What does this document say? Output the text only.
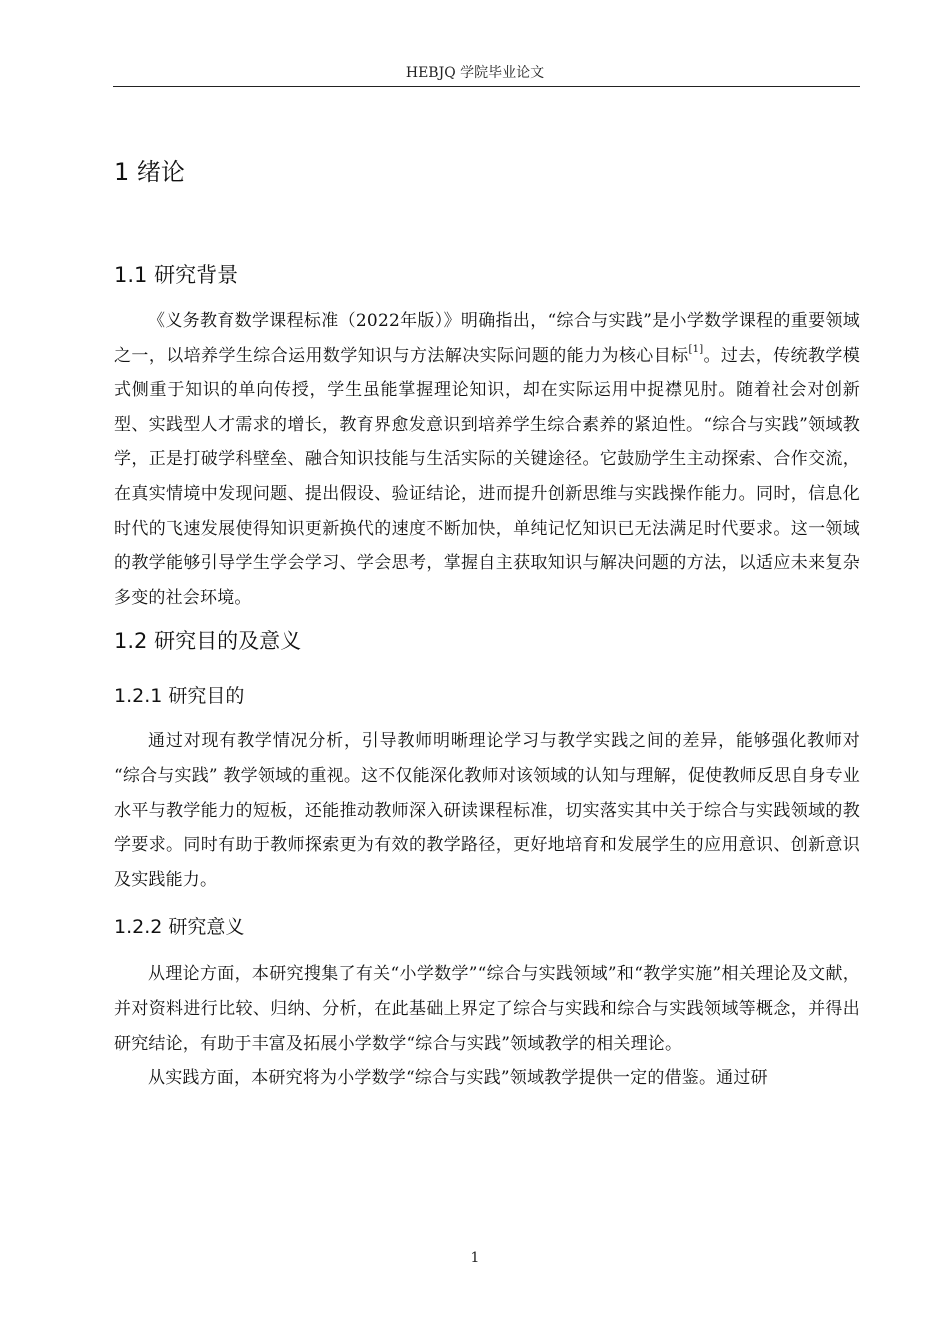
HEBJQ 学院毕业论文
1 绪论
1.1 研究背景

《义务教育数学课程标准（2022年版）》明确指出，“综合与实践”是小学数学课程的重要领域之一，以培养学生综合运用数学知识与方法解决实际问题的能力为核心目标[1]。过去，传统教学模式侧重于知识的单向传授，学生虽能掌握理论知识，却在实际运用中捉襟见肘。随着社会对创新型、实践型人才需求的增长，教育界愈发意识到培养学生综合素养的紧迫性。“综合与实践”领域教学，正是打破学科壁垒、融合知识技能与生活实际的关键途径。它鼓励学生主动探索、合作交流，在真实情境中发现问题、提出假设、验证结论，进而提升创新思维与实践操作能力。同时，信息化时代的飞速发展使得知识更新换代的速度不断加快，单纯记忆知识已无法满足时代要求。这一领域的教学能够引导学生学会学习、学会思考，掌握自主获取知识与解决问题的方法，以适应未来复杂多变的社会环境。

1.2 研究目的及意义
1.2.1 研究目的

通过对现有教学情况分析，引导教师明晰理论学习与教学实践之间的差异，能够强化教师对 “综合与实践” 教学领域的重视。这不仅能深化教师对该领域的认知与理解，促使教师反思自身专业水平与教学能力的短板，还能推动教师深入研读课程标准，切实落实其中关于综合与实践领域的教学要求。同时有助于教师探索更为有效的教学路径，更好地培育和发展学生的应用意识、创新意识及实践能力。

1.2.2 研究意义

从理论方面，本研究搜集了有关“小学数学”“综合与实践领域”和“教学实施”相关理论及文献，并对资料进行比较、归纳、分析，在此基础上界定了综合与实践和综合与实践领域等概念，并得出研究结论，有助于丰富及拓展小学数学“综合与实践”领域教学的相关理论。

从实践方面，本研究将为小学数学“综合与实践”领域教学提供一定的借鉴。通过研

1
